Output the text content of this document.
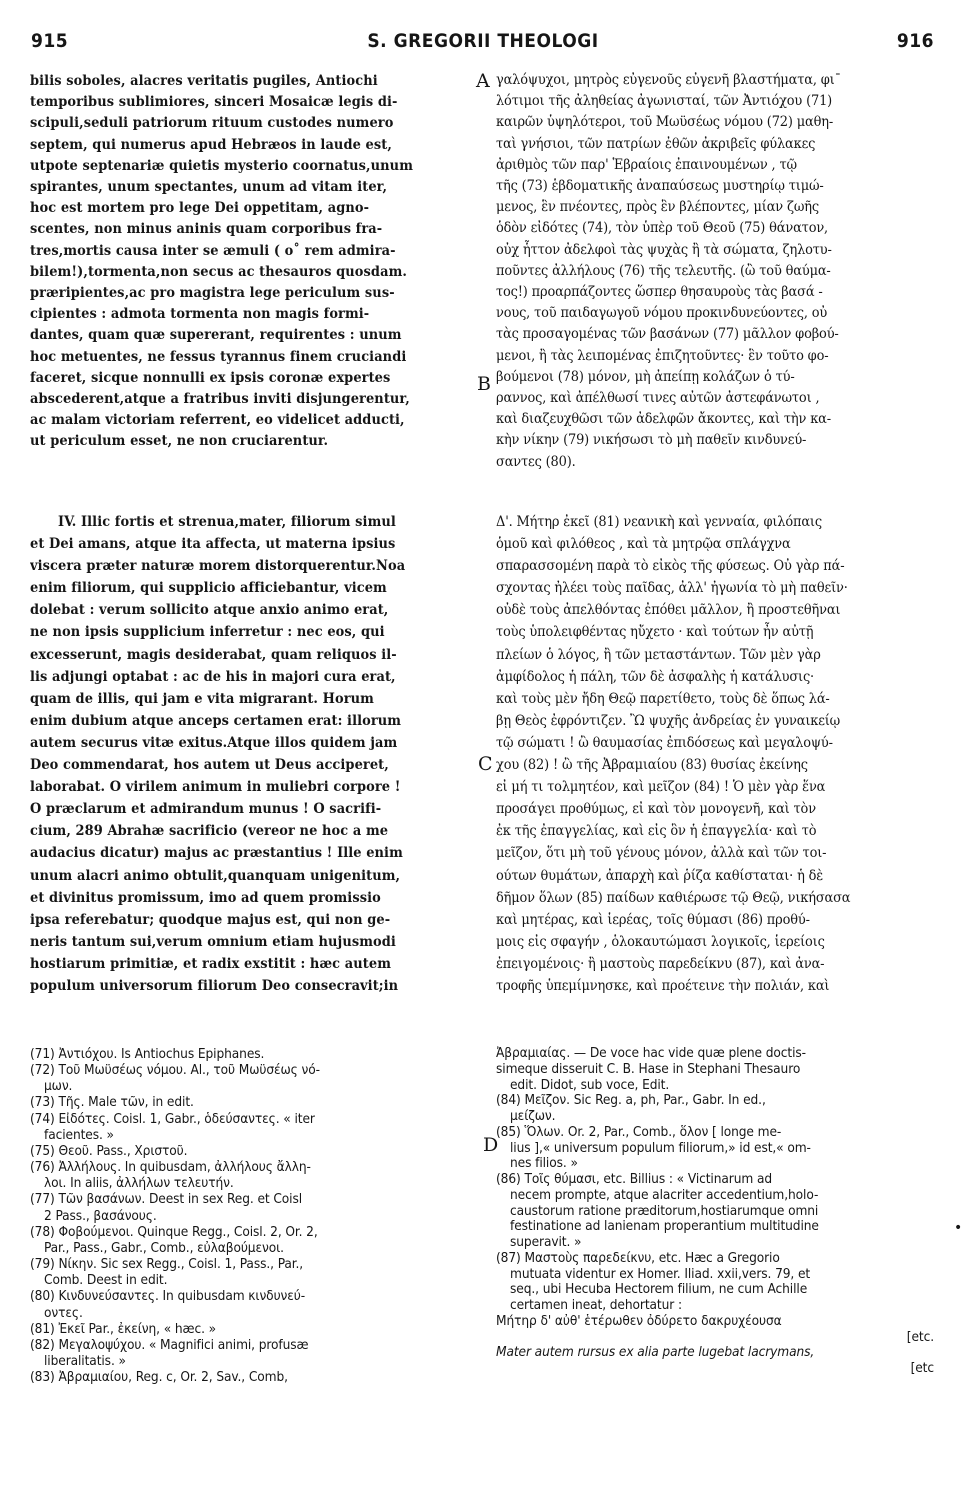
915	S. GREGORII THEOLOGI	916
bilis soboles, alacres veritatis pugiles, Antiochi
temporibus sublimiores, sinceri Mosaicæ legis di-
scipuli,seduli patriorum rituum custodes numero
septem, qui numerus apud Hebræos in laude est,
utpote septenariæ quietis mysterio coornatus,unum
spirantes, unum spectantes, unum ad vitam iter,
hoc est mortem pro lege Dei oppetitam, agno-
scentes, non minus aninis quam corporibus fra-
tres,mortis causa inter se æmuli ( o˚ rem admira-
bilem!),tormenta,non secus ac thesauros quosdam.
præripientes,ac pro magistra lege periculum sus-
cipientes : admota tormenta non magis formi-
dantes, quam quæ supererant, requirentes : unum
hoc metuentes, ne fessus tyrannus finem cruciandi
faceret, sicque nonnulli ex ipsis coronæ expertes
abscederent,atque a fratribus inviti disjungerentur,
ac malam victoriam referrent, eo videlicet adducti,
ut periculum esset, ne non cruciarentur.
γαλόψυχοι, μητρὸς εὐγενοῦς εὐγενῆ βλαστήματα, φι¯
λότιμοι τῆς ἀληθείας ἀγωνισταί, τῶν Ἀντιόχου (71)
καιρῶν ὑψηλότεροι, τοῦ Μωϋσέως νόμου (72) μαθη-
ταὶ γνήσιοι, τῶν πατρίων ἐθῶν ἀκριβεῖς φύλακες
ἀριθμὸς τῶν παρ' Ἑβραίοις ἐπαινουμένων , τῷ
τῆς (73) ἑβδοματικῆς ἀναπαύσεως μυστηρίῳ τιμώ-
μενος, ἓν πνέοντες, πρὸς ἓν βλέποντες, μίαν ζωῆς
ὁδὸν εἰδότες (74), τὸν ὑπὲρ τοῦ Θεοῦ (75) θάνατον,
οὐχ ἧττον ἀδελφοὶ τὰς ψυχὰς ἢ τὰ σώματα, ζηλοτυ-
ποῦντες ἀλλήλους (76) τῆς τελευτῆς. (ὢ τοῦ θαύμα-
τος!) προαρπάζοντες ὥσπερ θησαυροὺς τὰς βασά -
νους, τοῦ παιδαγωγοῦ νόμου προκινδυνεύοντες, οὐ
τὰς προσαγομένας τῶν βασάνων (77) μᾶλλον φοβού-
μενοι, ἢ τὰς λειπομένας ἐπιζητοῦντες· ἓν τοῦτο φο-
βούμενοι (78) μόνον, μὴ ἀπείπῃ κολάζων ὁ τύ-
ραννος, καὶ ἀπέλθωσί τινες αὐτῶν ἀστεφάνωτοι ,
καὶ διαζευχθῶσι τῶν ἀδελφῶν ἄκοντες, καὶ τὴν κα-
κὴν νίκην (79) νικήσωσι τὸ μὴ παθεῖν κινδυνεύ-
σαντες (80).
IV. Illic fortis et strenua,mater, filiorum simul
et Dei amans, atque ita affecta, ut materna ipsius
viscera præter naturæ morem distorquerentur.Noa
enim filiorum, qui supplicio afficiebantur, vicem
dolebat : verum sollicito atque anxio animo erat,
ne non ipsis supplicium inferretur : nec eos, qui
excesserunt, magis desiderabat, quam reliquos il-
lis adjungi optabat : ac de his in majori cura erat,
quam de illis, qui jam e vita migrarant. Horum
enim dubium atque anceps certamen erat: illorum
autem securus vitæ exitus.Atque illos quidem jam
Deo commendarat, hos autem ut Deus acciperet,
laborabat. O virilem animum in muliebri corpore !
O præclarum et admirandum munus ! O sacrifi-
cium, 289 Abrahæ sacrificio (vereor ne hoc a me
audacius dicatur) majus ac præstantius ! Ille enim
unum alacri animo obtulit,quanquam unigenitum,
et divinitus promissum, imo ad quem promissio
ipsa referebatur; quodque majus est, qui non ge-
neris tantum sui,verum omnium etiam hujusmodi
hostiarum primitiæ, et radix exstitit : hæc autem
populum universorum filiorum Deo consecravit;in
Δ'. Μήτηρ ἐκεῖ (81) νεανικὴ καὶ γενναία, φιλόπαις
ὁμοῦ καὶ φιλόθεος , καὶ τὰ μητρῷα σπλάγχνα
σπαρασσομένη παρὰ τὸ εἰκὸς τῆς φύσεως. Οὐ γὰρ πά-
σχοντας ἠλέει τοὺς παῖδας, ἀλλ' ἠγωνία τὸ μὴ παθεῖν·
οὐδὲ τοὺς ἀπελθόντας ἐπόθει μᾶλλον, ἢ προστεθῆναι
τοὺς ὑπολειφθέντας ηὔχετο · καὶ τούτων ἦν αὐτῇ
πλείων ὁ λόγος, ἢ τῶν μεταστάντων. Τῶν μὲν γὰρ
ἀμφίδολος ἡ πάλη, τῶν δὲ ἀσφαλὴς ἡ κατάλυσις·
καὶ τοὺς μὲν ἤδη Θεῷ παρετίθετο, τοὺς δὲ ὅπως λά-
βῃ Θεὸς ἐφρόντιζεν. Ὢ ψυχῆς ἀνδρείας ἐν γυναικείῳ
τῷ σώματι ! ὢ θαυμασίας ἐπιδόσεως καὶ μεγαλοψύ-
χου (82) ! ὢ τῆς Ἀβραμιαίου (83) θυσίας ἐκείνης
εἰ μή τι τολμητέον, καὶ μεῖζον (84) ! Ὁ μὲν γὰρ ἕνα
προσάγει προθύμως, εἰ καὶ τὸν μονογενῆ, καὶ τὸν
ἐκ τῆς ἐπαγγελίας, καὶ εἰς ὃν ἡ ἐπαγγελία· καὶ τὸ
μεῖζον, ὅτι μὴ τοῦ γένους μόνον, ἀλλὰ καὶ τῶν τοι-
ούτων θυμάτων, ἀπαρχὴ καὶ ῥίζα καθίσταται· ἡ δὲ
δῆμον ὅλων (85) παίδων καθιέρωσε τῷ Θεῷ, νικήσασα
καὶ μητέρας, καὶ ἱερέας, τοῖς θύμασι (86) προθύ-
μοις εἰς σφαγήν , ὁλοκαυτώμασι λογικοῖς, ἱερείοις
ἐπειγομένοις· ἢ μαστοὺς παρεδείκνυ (87), καὶ ἀνα-
τροφῆς ὑπεμίμνησκε, καὶ προέτεινε τὴν πολιάν, καὶ
(71) Ἀντιόχου. Is Antiochus Epiphanes.
(72) Τοῦ Μωϋσέως νόμου. Al., τοῦ Μωϋσέως νό-
μων.
(73) Τῆς. Male τῶν, in edit.
(74) Εἰδότες. Coisl. 1, Gabr., ὁδεύσαντες. « iter
facientes. »
(75) Θεοῦ. Pass., Χριστοῦ.
(76) Ἀλλήλους. In quibusdam, ἀλλήλους ἄλλη-
λοι. In aliis, ἀλλήλων τελευτήν.
(77) Τῶν βασάνων. Deest in sex Reg. et Coisl
2 Pass., βασάνους.
(78) Φοβούμενοι. Quinque Regg., Coisl. 2, Or. 2,
Par., Pass., Gabr., Comb., εὐλαβούμενοι.
(79) Νίκην. Sic sex Regg., Coisl. 1, Pass., Par.,
Comb. Deest in edit.
(80) Κινδυνεύσαντες. In quibusdam κινδυνεύ-
οντες.
(81) Ἐκεῖ Par., ἐκείνη, « hæc. »
(82) Μεγαλοψύχου. « Magnifici animi, profusæ
liberalitatis. »
(83) Ἀβραμιαίου, Reg. c, Or. 2, Sav., Comb,
Ἀβραμιαίας. — De voce hac vide quæ plene doctis-
simeque disseruit C. B. Hase in Stephani Thesauro
edit. Didot, sub voce, Edit.
(84) Μεῖζον. Sic Reg. a, ph, Par., Gabr. In ed.,
μείζων.
(85) Ὅλων. Or. 2, Par., Comb., ὅλον [ longe me-
lius ],« universum populum filiorum,» id est,« om-
nes filios. »
(86) Τοῖς θύμασι, etc. Billius : « Victinarum ad
necem prompte, atque alacriter accedentium,holo-
caustorum ratione præditorum,hostiarumque omni
festinatione ad lanienam properantium multitudine
superavit. »
(87) Μαστοὺς παρεδείκνυ, etc. Hæc a Gregorio
mutuata videntur ex Homer. Iliad. xxii,vers. 79, et
seq., ubi Hecuba Hectorem filium, ne cum Achille
certamen ineat, dehortatur :
Μήτηρ δ' αὖθ' ἑτέρωθεν ὀδύρετο δακρυχέουσα
[etc.
Mater autem rursus ex alia parte lugebat lacrymans,
[etc
A
B
C
D
•
